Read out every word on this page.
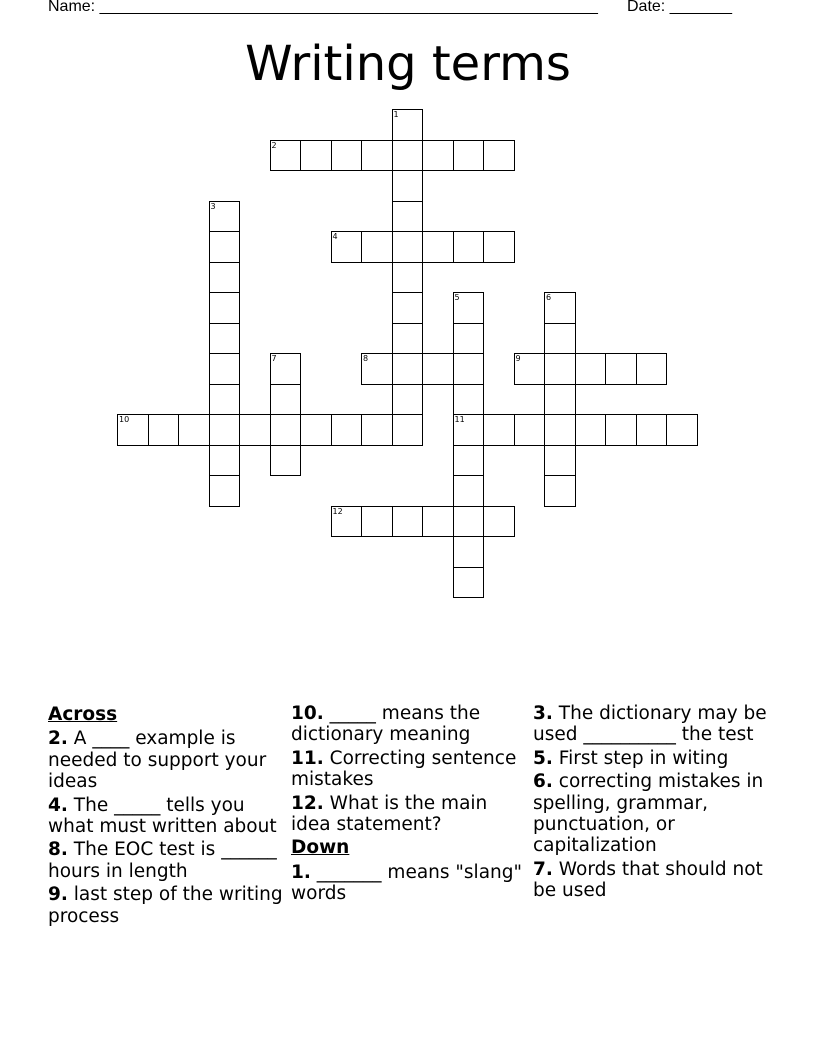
Name: ________________________________________________________ Date: _______
Writing terms
2
4
8	9
10	11
12
1
3
5	6
7
Across
2. A ____ example is needed to support your ideas
4. The _____ tells you what must written about
8. The EOC test is ______ hours in length
9. last step of the writing process
10. _____ means the dictionary meaning
11. Correcting sentence mistakes
12. What is the main idea statement?
Down
1. _______ means "slang" words
3. The dictionary may be used __________ the test
5. First step in witing
6. correcting mistakes in spelling, grammar, punctuation, or capitalization
7. Words that should not be used
